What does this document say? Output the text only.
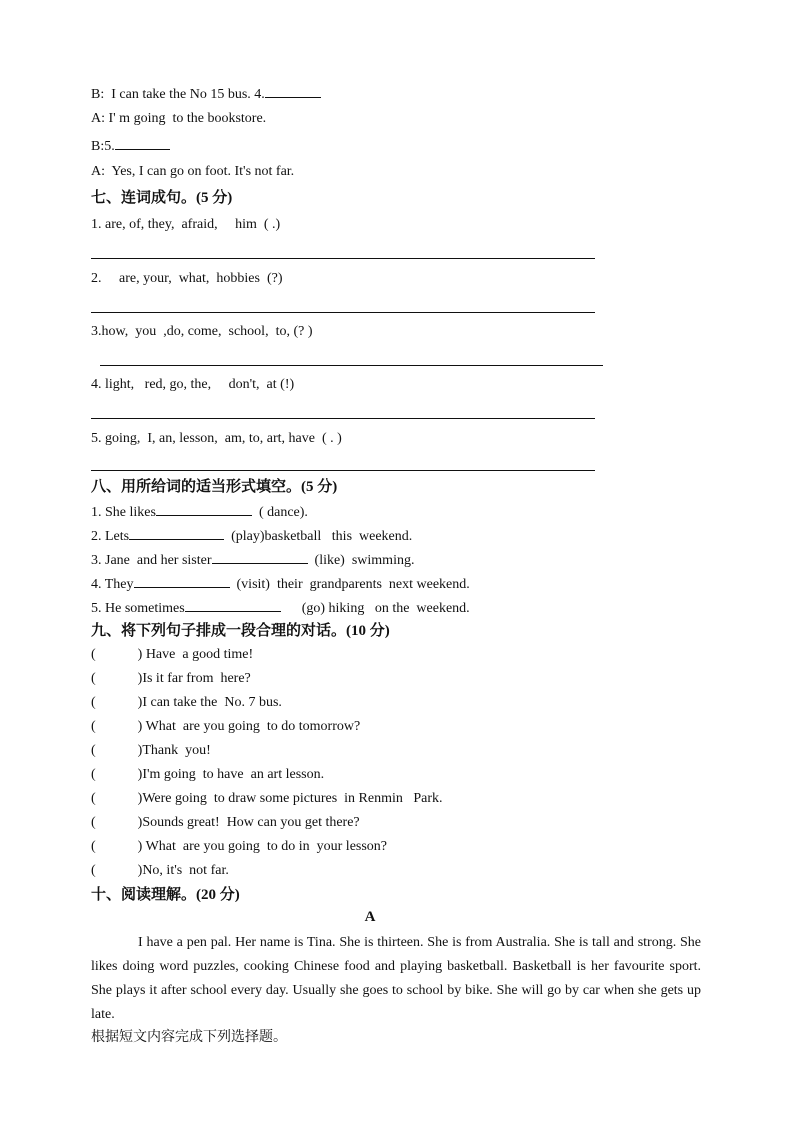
B:  I can take the No 15 bus. 4.
A: I' m going  to the bookstore.
B:5.
A:  Yes, I can go on foot. It's not far.
七、连词成句。(5 分)
1. are, of, they,  afraid,     him  ( .)
2.     are, your,  what,  hobbies  (?)
3.how,  you  ,do, come,  school,  to, (? )
4. light,   red, go, the,     don't,  at (!)
5. going,  I, an, lesson,  am, to, art, have  ( . )
八、用所给词的适当形式填空。(5 分)
1. She likes	( dance).
2. Lets	(play)basketball   this  weekend.
3. Jane  and her sister	(like)  swimming.
4. They	(visit)  their  grandparents  next weekend.
5. He sometimes	(go) hiking   on the  weekend.
九、将下列句子排成一段合理的对话。(10 分)
(            ) Have  a good time!
(            )Is it far from  here?
(            )I can take the  No. 7 bus.
(            ) What  are you going  to do tomorrow?
(            )Thank  you!
(            )I'm going  to have  an art lesson.
(            )Were going  to draw some pictures  in Renmin   Park.
(            )Sounds great!  How can you get there?
(            ) What  are you going  to do in  your lesson?
(            )No, it's  not far.
十、阅读理解。(20 分)
A
I have a pen pal. Her name is Tina. She is thirteen. She is from Australia. She is tall and strong. She likes doing word puzzles, cooking Chinese food and playing basketball. Basketball is her favourite sport. She plays it after school every day. Usually she goes to school by bike. She will go by car when she gets up late.
根据短文内容完成下列选择题。
